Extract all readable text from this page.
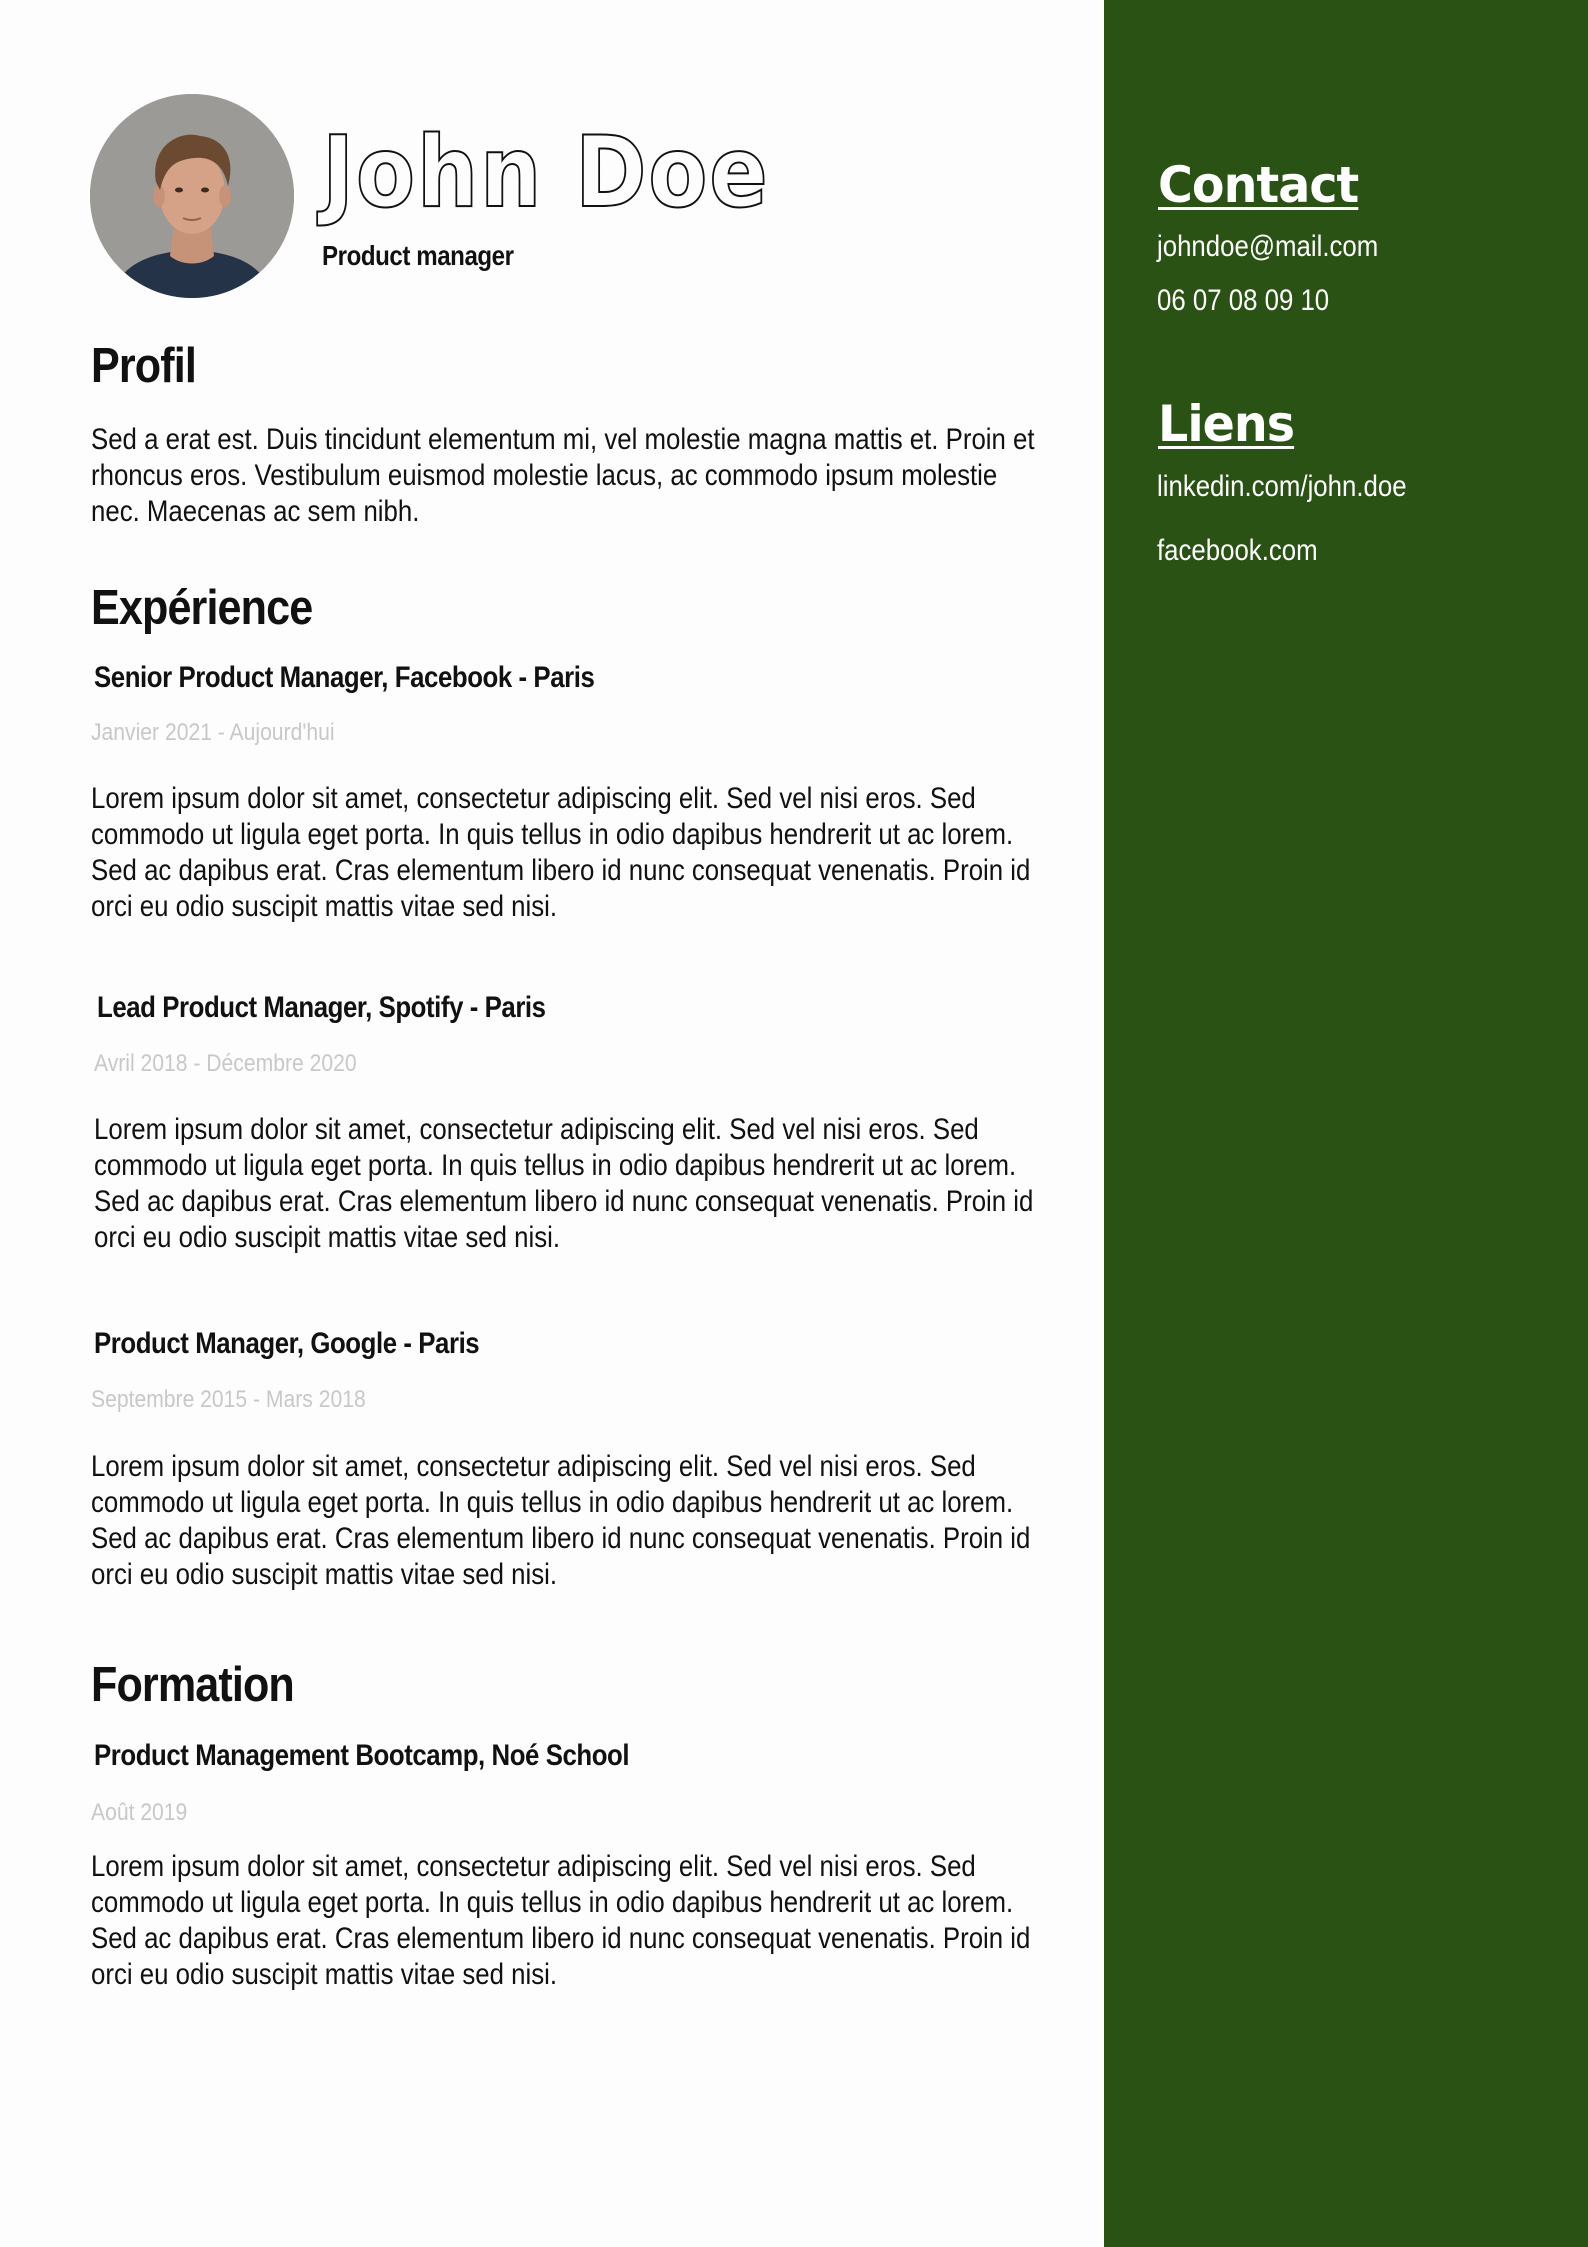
John Doe
Product manager
Profil
Sed a erat est. Duis tincidunt elementum mi, vel molestie magna mattis et. Proin et rhoncus eros. Vestibulum euismod molestie lacus, ac commodo ipsum molestie nec. Maecenas ac sem nibh.
Expérience
Senior Product Manager, Facebook - Paris
Janvier 2021 - Aujourd'hui
Lorem ipsum dolor sit amet, consectetur adipiscing elit. Sed vel nisi eros. Sed commodo ut ligula eget porta. In quis tellus in odio dapibus hendrerit ut ac lorem. Sed ac dapibus erat. Cras elementum libero id nunc consequat venenatis. Proin id orci eu odio suscipit mattis vitae sed nisi.
Lead Product Manager, Spotify - Paris
Avril 2018 - Décembre 2020
Lorem ipsum dolor sit amet, consectetur adipiscing elit. Sed vel nisi eros. Sed commodo ut ligula eget porta. In quis tellus in odio dapibus hendrerit ut ac lorem. Sed ac dapibus erat. Cras elementum libero id nunc consequat venenatis. Proin id orci eu odio suscipit mattis vitae sed nisi.
Product Manager, Google - Paris
Septembre 2015 - Mars 2018
Lorem ipsum dolor sit amet, consectetur adipiscing elit. Sed vel nisi eros. Sed commodo ut ligula eget porta. In quis tellus in odio dapibus hendrerit ut ac lorem. Sed ac dapibus erat. Cras elementum libero id nunc consequat venenatis. Proin id orci eu odio suscipit mattis vitae sed nisi.
Formation
Product Management Bootcamp, Noé School
Août 2019
Lorem ipsum dolor sit amet, consectetur adipiscing elit. Sed vel nisi eros. Sed commodo ut ligula eget porta. In quis tellus in odio dapibus hendrerit ut ac lorem. Sed ac dapibus erat. Cras elementum libero id nunc consequat venenatis. Proin id orci eu odio suscipit mattis vitae sed nisi.
Contact
johndoe@mail.com
06 07 08 09 10
Liens
linkedin.com/john.doe
facebook.com
